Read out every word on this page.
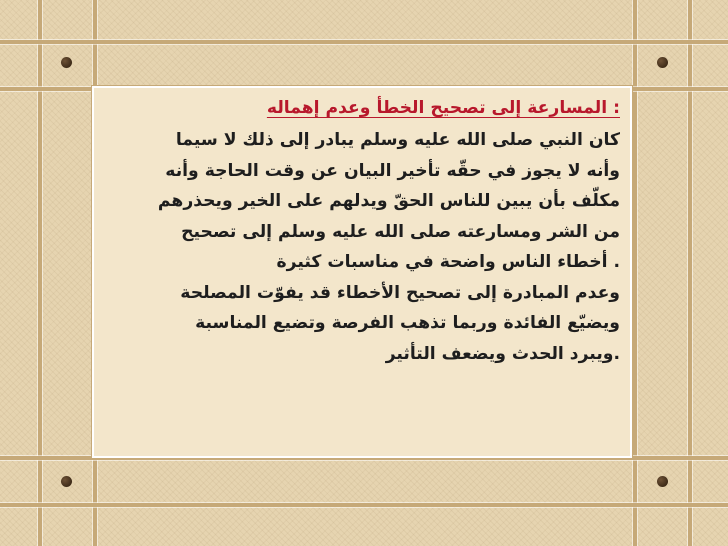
: المسارعة إلى تصحيح الخطأ وعدم إهماله
كان النبي صلى الله عليه وسلم يبادر إلى ذلك لا سيما
وأنه لا يجوز في حقّه تأخير البيان عن وقت الحاجة وأنه
مكلّف بأن يبين للناس الحقّ ويدلهم على الخير ويحذرهم
من الشر ومسارعته صلى الله عليه وسلم إلى تصحيح
. أخطاء الناس واضحة في مناسبات كثيرة
وعدم المبادرة إلى تصحيح الأخطاء قد يفوّت المصلحة
ويضيّع الفائدة وربما تذهب الفرصة وتضيع المناسبة
.ويبرد الحدث ويضعف التأثير
